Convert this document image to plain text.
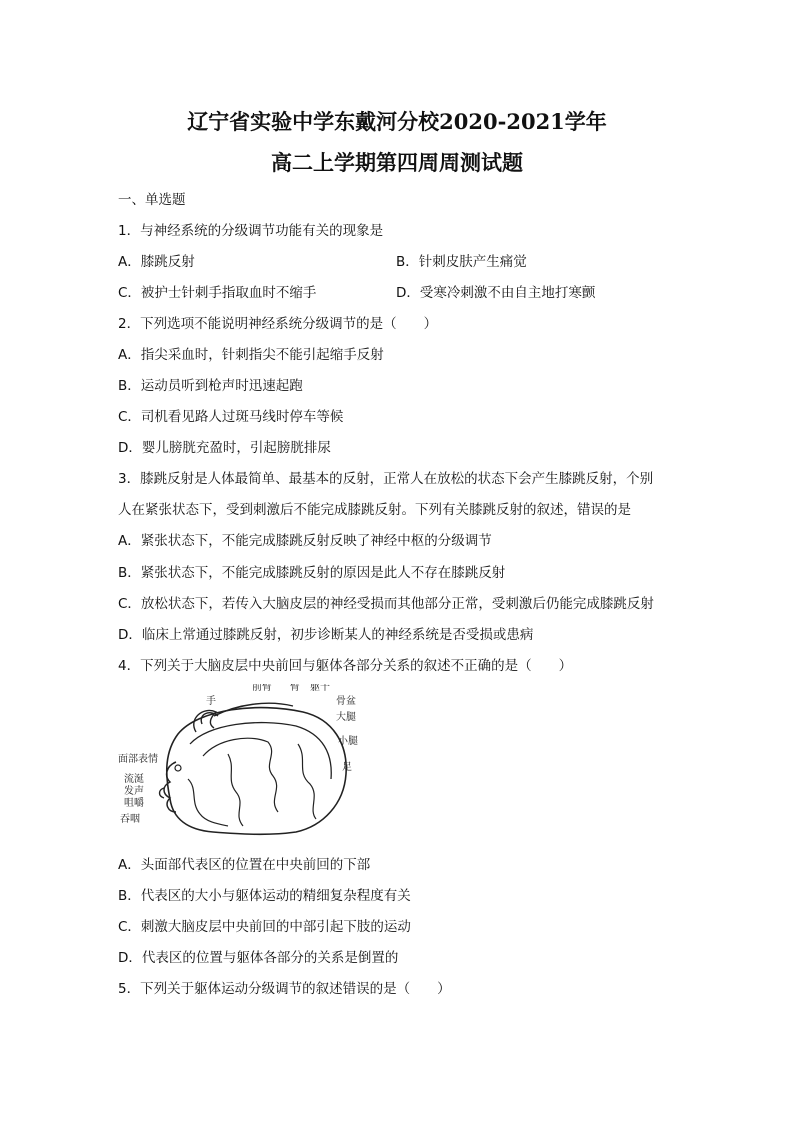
辽宁省实验中学东戴河分校2020-2021学年
高二上学期第四周周测试题
一、单选题
1．与神经系统的分级调节功能有关的现象是
A．膝跳反射	B．针刺皮肤产生痛觉
C．被护士针刺手指取血时不缩手	D．受寒冷刺激不由自主地打寒颤
2．下列选项不能说明神经系统分级调节的是（　　）
A．指尖采血时，针刺指尖不能引起缩手反射
B．运动员听到枪声时迅速起跑
C．司机看见路人过斑马线时停车等候
D．婴儿膀胱充盈时，引起膀胱排尿
3．膝跳反射是人体最简单、最基本的反射，正常人在放松的状态下会产生膝跳反射，个别
人在紧张状态下，受到刺激后不能完成膝跳反射。下列有关膝跳反射的叙述，错误的是
A．紧张状态下，不能完成膝跳反射反映了神经中枢的分级调节
B．紧张状态下，不能完成膝跳反射的原因是此人不存在膝跳反射
C．放松状态下，若传入大脑皮层的神经受损而其他部分正常，受刺激后仍能完成膝跳反射
D．临床上常通过膝跳反射，初步诊断某人的神经系统是否受损或患病
4．下列关于大脑皮层中央前回与躯体各部分关系的叙述不正确的是（　　）
手
前臂 臂 躯干
骨盆
大腿
小腿
足
面部表情
流涎
发声
咀嚼
吞咽
A．头面部代表区的位置在中央前回的下部
B．代表区的大小与躯体运动的精细复杂程度有关
C．刺激大脑皮层中央前回的中部引起下肢的运动
D．代表区的位置与躯体各部分的关系是倒置的
5．下列关于躯体运动分级调节的叙述错误的是（　　）
